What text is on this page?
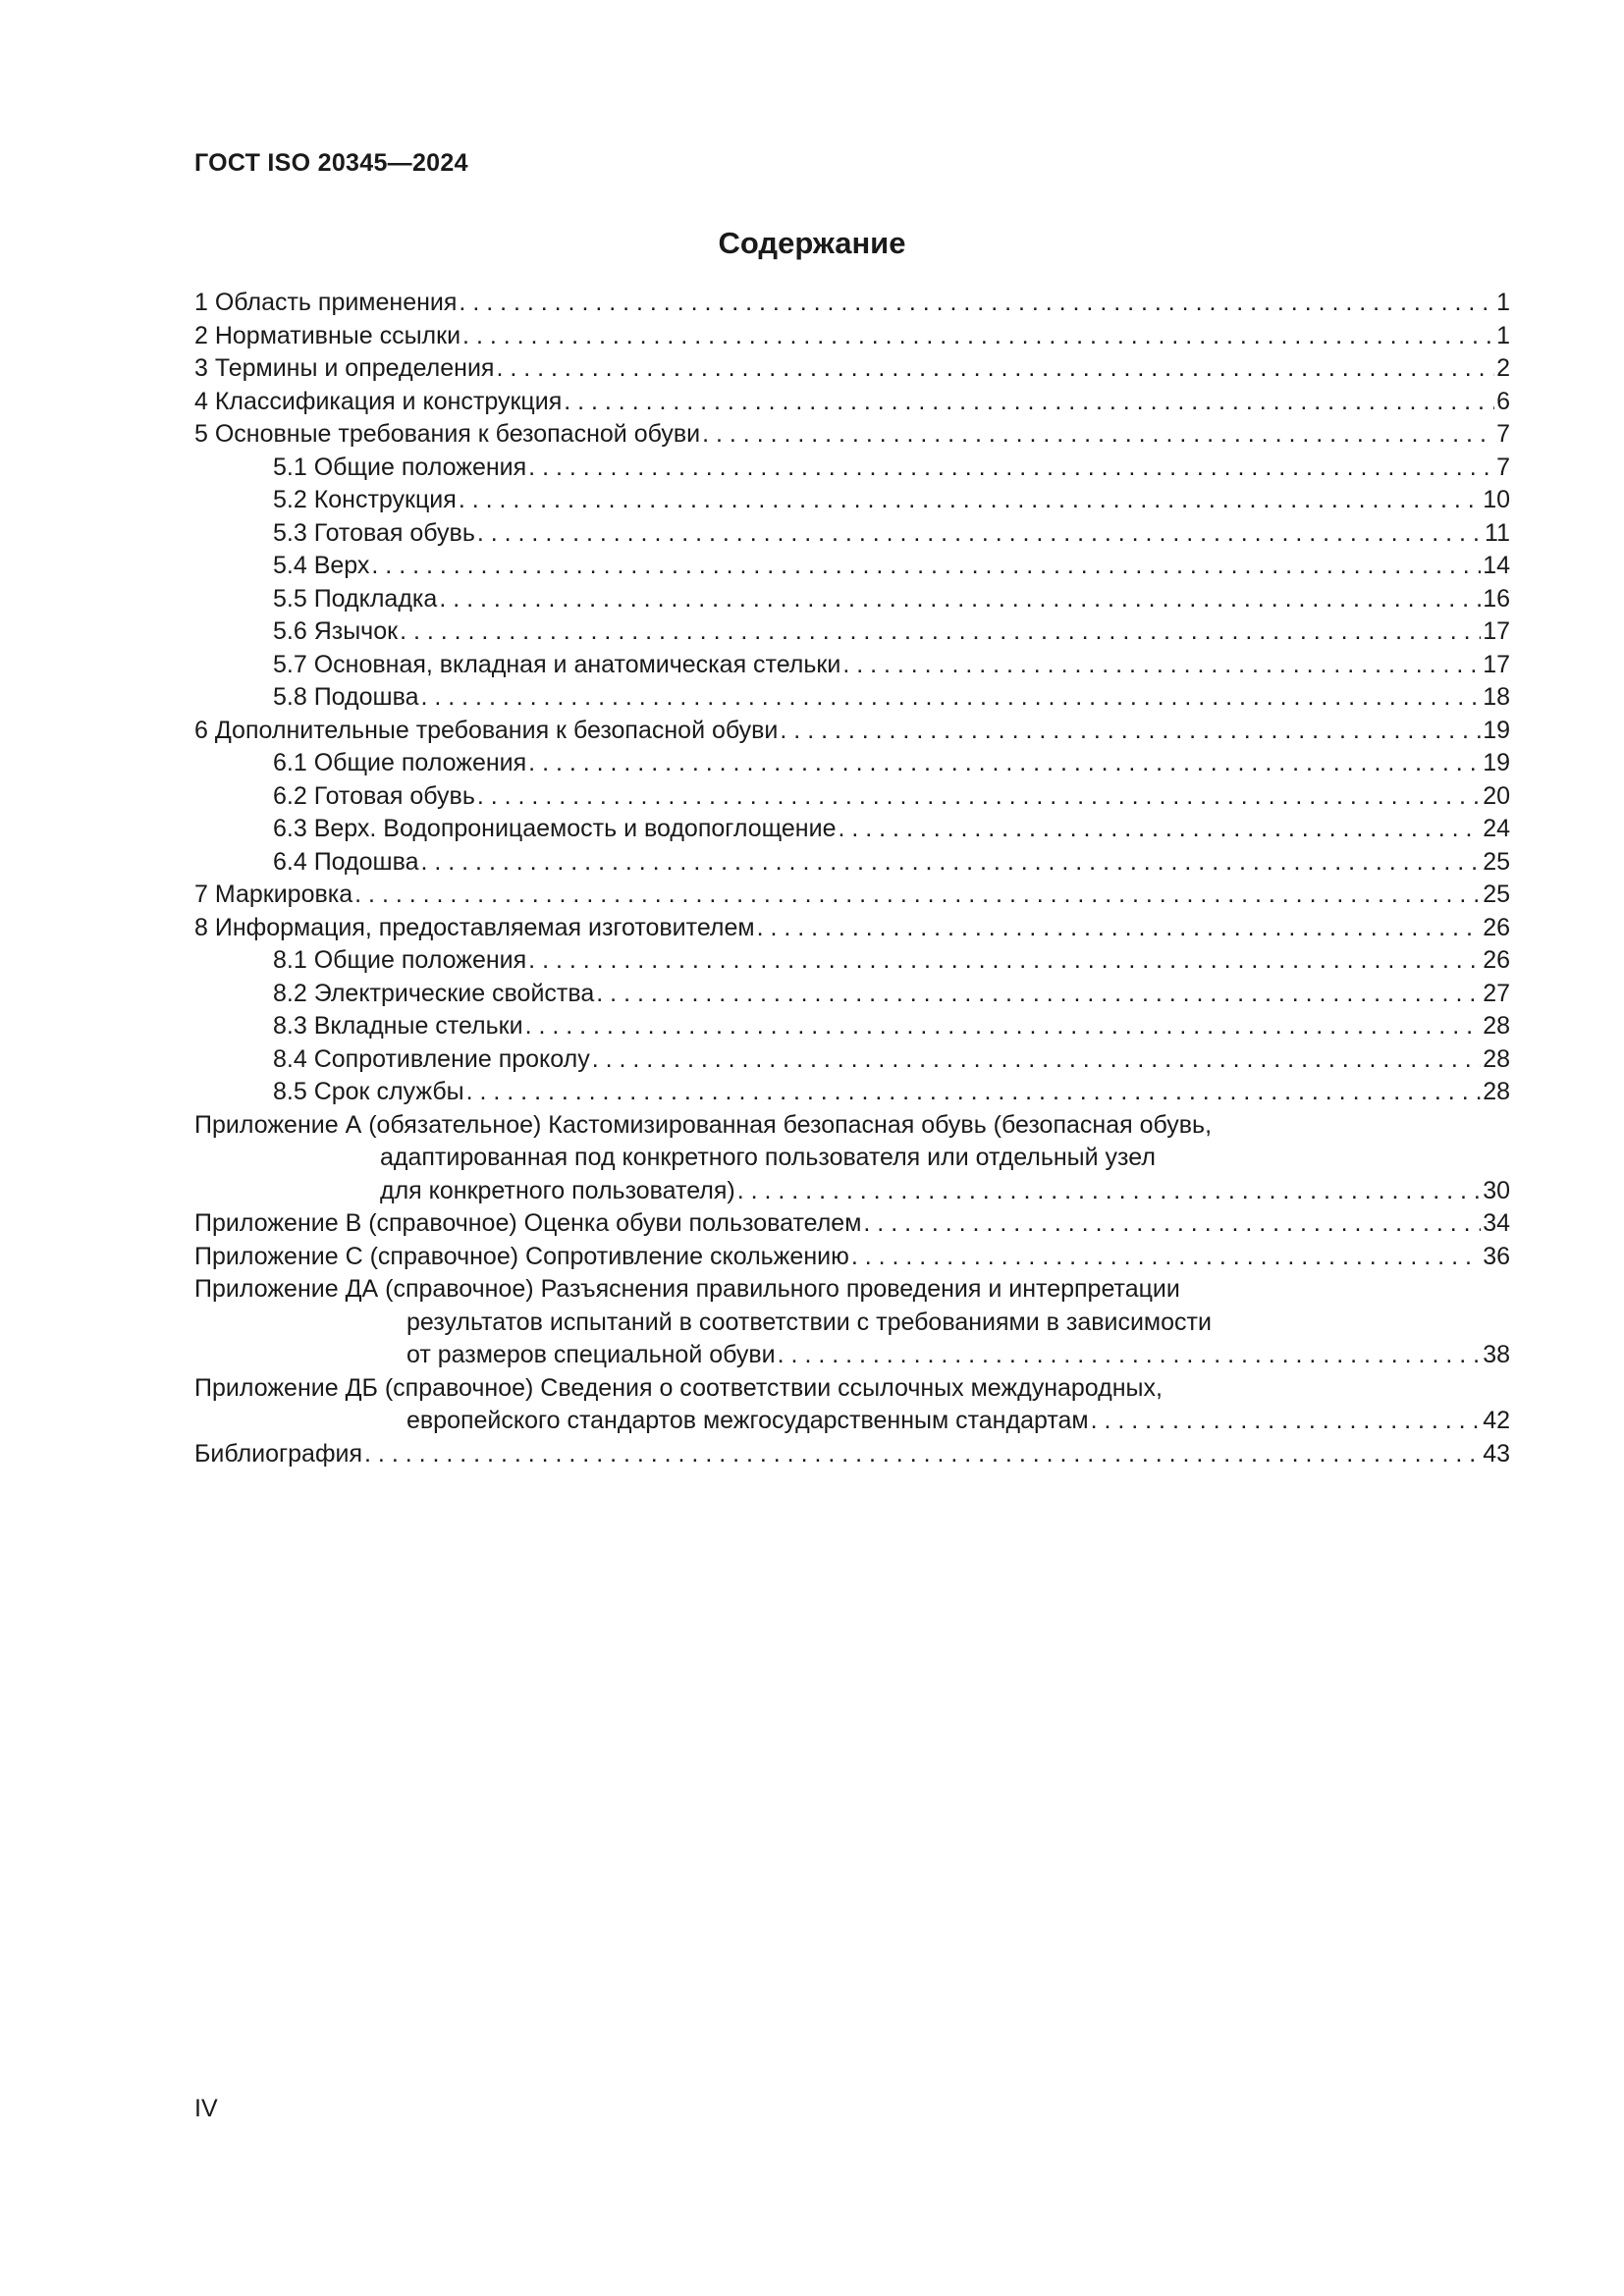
ГОСТ ISO 20345—2024
Содержание
1 Область применения . . .	1
2 Нормативные ссылки . . .	1
3 Термины и определения . . .	2
4 Классификация и конструкция . . .	6
5 Основные требования к безопасной обуви . . .	7
5.1 Общие положения . . .	7
5.2 Конструкция . . .	10
5.3 Готовая обувь . . .	11
5.4 Верх . . .	14
5.5 Подкладка . . .	16
5.6 Язычок . . .	17
5.7 Основная, вкладная и анатомическая стельки . . .	17
5.8 Подошва . . .	18
6 Дополнительные требования к безопасной обуви . . .	19
6.1 Общие положения . . .	19
6.2 Готовая обувь . . .	20
6.3 Верх. Водопроницаемость и водопоглощение . . .	24
6.4 Подошва . . .	25
7 Маркировка . . .	25
8 Информация, предоставляемая изготовителем . . .	26
8.1 Общие положения . . .	26
8.2 Электрические свойства . . .	27
8.3 Вкладные стельки . . .	28
8.4 Сопротивление проколу . . .	28
8.5 Срок службы . . .	28
Приложение А (обязательное) Кастомизированная безопасная обувь (безопасная обувь,
адаптированная под конкретного пользователя или отдельный узел
для конкретного пользователя) . . .	30
Приложение В (справочное) Оценка обуви пользователем . . .	34
Приложение С (справочное) Сопротивление скольжению . . .	36
Приложение ДА (справочное) Разъяснения правильного проведения и интерпретации
результатов испытаний в соответствии с требованиями в зависимости
от размеров специальной обуви . . .	38
Приложение ДБ (справочное) Сведения о соответствии ссылочных международных,
европейского стандартов межгосударственным стандартам . . .	42
Библиография . . .	43
IV
